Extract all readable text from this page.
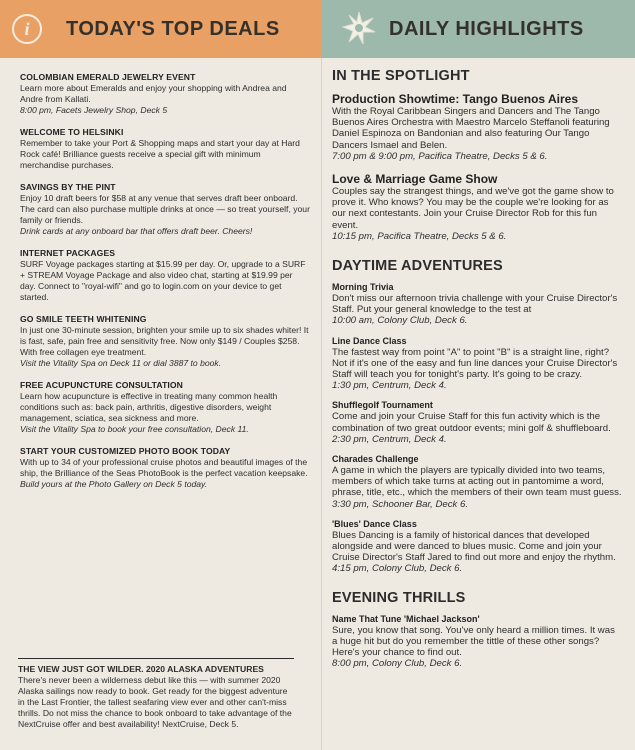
i	TODAY'S TOP DEALS	DAILY HIGHLIGHTS
COLOMBIAN EMERALD JEWELRY EVENT
Learn more about Emeralds and enjoy your shopping with Andrea and Andre from Kallati.
8:00 pm, Facets Jewelry Shop, Deck 5
WELCOME TO HELSINKI
Remember to take your Port & Shopping maps and start your day at Hard Rock café! Brilliance guests receive a special gift with minimum merchandise purchases.
SAVINGS BY THE PINT
Enjoy 10 draft beers for $58 at any venue that serves draft beer onboard. The card can also purchase multiple drinks at once — so treat yourself, your family or friends.
Drink cards at any onboard bar that offers draft beer. Cheers!
INTERNET PACKAGES
SURF Voyage packages starting at $15.99 per day. Or, upgrade to a SURF + STREAM Voyage Package and also video chat, starting at $19.99 per day. Connect to "royal-wifi" and go to login.com on your device to get started.
GO SMILE TEETH WHITENING
In just one 30-minute session, brighten your smile up to six shades whiter! It is fast, safe, pain free and sensitivity free. Now only $149 / Couples $258. With free collagen eye treatment.
Visit the Vitality Spa on Deck 11 or dial 3887 to book.
FREE ACUPUNCTURE CONSULTATION
Learn how acupuncture is effective in treating many common health conditions such as: back pain, arthritis, digestive disorders, weight management, sciatica, sea sickness and more.
Visit the Vitality Spa to book your free consultation, Deck 11.
START YOUR CUSTOMIZED PHOTO BOOK TODAY
With up to 34 of your professional cruise photos and beautiful images of the ship, the Brilliance of the Seas PhotoBook is the perfect vacation keepsake.
Build yours at the Photo Gallery on Deck 5 today.
THE VIEW JUST GOT WILDER. 2020 ALASKA ADVENTURES
There's never been a wilderness debut like this — with summer 2020 Alaska sailings now ready to book. Get ready for the biggest adventure in the Last Frontier, the tallest seafaring view ever and other can't-miss thrills. Do not miss the chance to book onboard to take advantage of the NextCruise offer and best availability! NextCruise, Deck 5.
IN THE SPOTLIGHT
Production Showtime: Tango Buenos Aires
With the Royal Caribbean Singers and Dancers and The Tango Buenos Aires Orchestra with Maestro Marcelo Steffanoli featuring Daniel Espinoza on Bandonian and also featuring Our Tango Dancers Ismael and Belen.
7:00 pm & 9:00 pm, Pacifica Theatre, Decks 5 & 6.
Love & Marriage Game Show
Couples say the strangest things, and we've got the game show to prove it. Who knows? You may be the couple we're looking for as our next contestants. Join your Cruise Director Rob for this fun event.
10:15 pm, Pacifica Theatre, Decks 5 & 6.
DAYTIME ADVENTURES
Morning Trivia
Don't miss our afternoon trivia challenge with your Cruise Director's Staff. Put your general knowledge to the test at
10:00 am, Colony Club, Deck 6.
Line Dance Class
The fastest way from point "A" to point "B" is a straight line, right? Not if it's one of the easy and fun line dances your Cruise Director's Staff will teach you for tonight's party. It's going to be crazy.
1:30 pm, Centrum, Deck 4.
Shufflegolf Tournament
Come and join your Cruise Staff for this fun activity which is the combination of two great outdoor events; mini golf & shuffleboard.
2:30 pm, Centrum, Deck 4.
Charades Challenge
A game in which the players are typically divided into two teams, members of which take turns at acting out in pantomime a word, phrase, title, etc., which the members of their own team must guess.
3:30 pm, Schooner Bar, Deck 6.
'Blues' Dance Class
Blues Dancing is a family of historical dances that developed alongside and were danced to blues music. Come and join your Cruise Director's Staff Jared to find out more and enjoy the rhythm.
4:15 pm, Colony Club, Deck 6.
EVENING THRILLS
Name That Tune 'Michael Jackson'
Sure, you know that song. You've only heard a million times. It was a huge hit but do you remember the tittle of these other songs? Here's your chance to find out.
8:00 pm, Colony Club, Deck 6.
